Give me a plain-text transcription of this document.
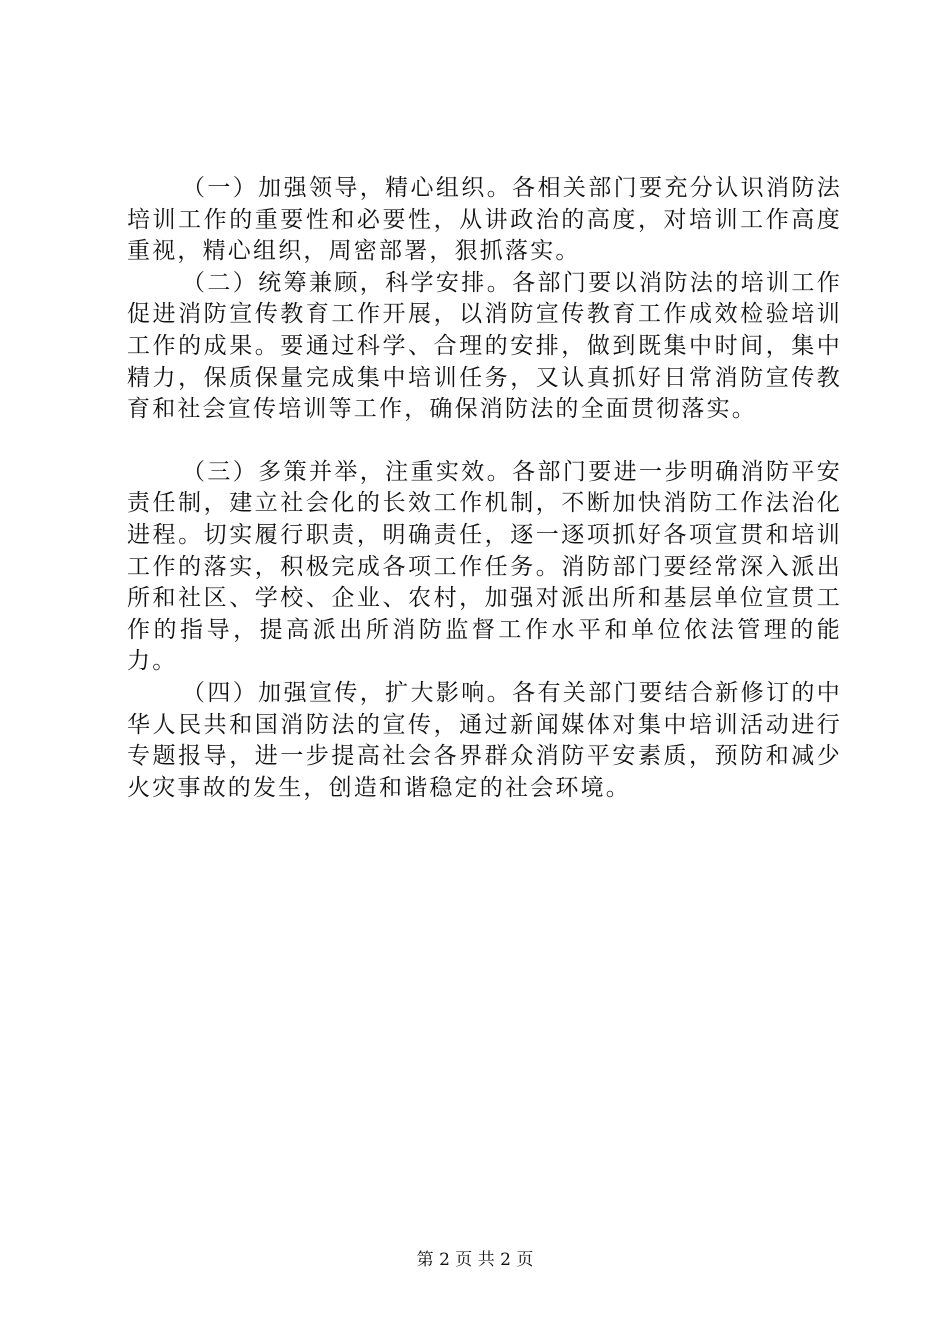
（一）加强领导，精心组织。各相关部门要充分认识消防法培训工作的重要性和必要性，从讲政治的高度，对培训工作高度重视，精心组织，周密部署，狠抓落实。

（二）统筹兼顾，科学安排。各部门要以消防法的培训工作促进消防宣传教育工作开展，以消防宣传教育工作成效检验培训工作的成果。要通过科学、合理的安排，做到既集中时间，集中精力，保质保量完成集中培训任务，又认真抓好日常消防宣传教育和社会宣传培训等工作，确保消防法的全面贯彻落实。

（三）多策并举，注重实效。各部门要进一步明确消防平安责任制，建立社会化的长效工作机制，不断加快消防工作法治化进程。切实履行职责，明确责任，逐一逐项抓好各项宣贯和培训工作的落实，积极完成各项工作任务。消防部门要经常深入派出所和社区、学校、企业、农村，加强对派出所和基层单位宣贯工作的指导，提高派出所消防监督工作水平和单位依法管理的能力。

（四）加强宣传，扩大影响。各有关部门要结合新修订的中华人民共和国消防法的宣传，通过新闻媒体对集中培训活动进行专题报导，进一步提高社会各界群众消防平安素质，预防和减少火灾事故的发生，创造和谐稳定的社会环境。

第 2 页 共 2 页
